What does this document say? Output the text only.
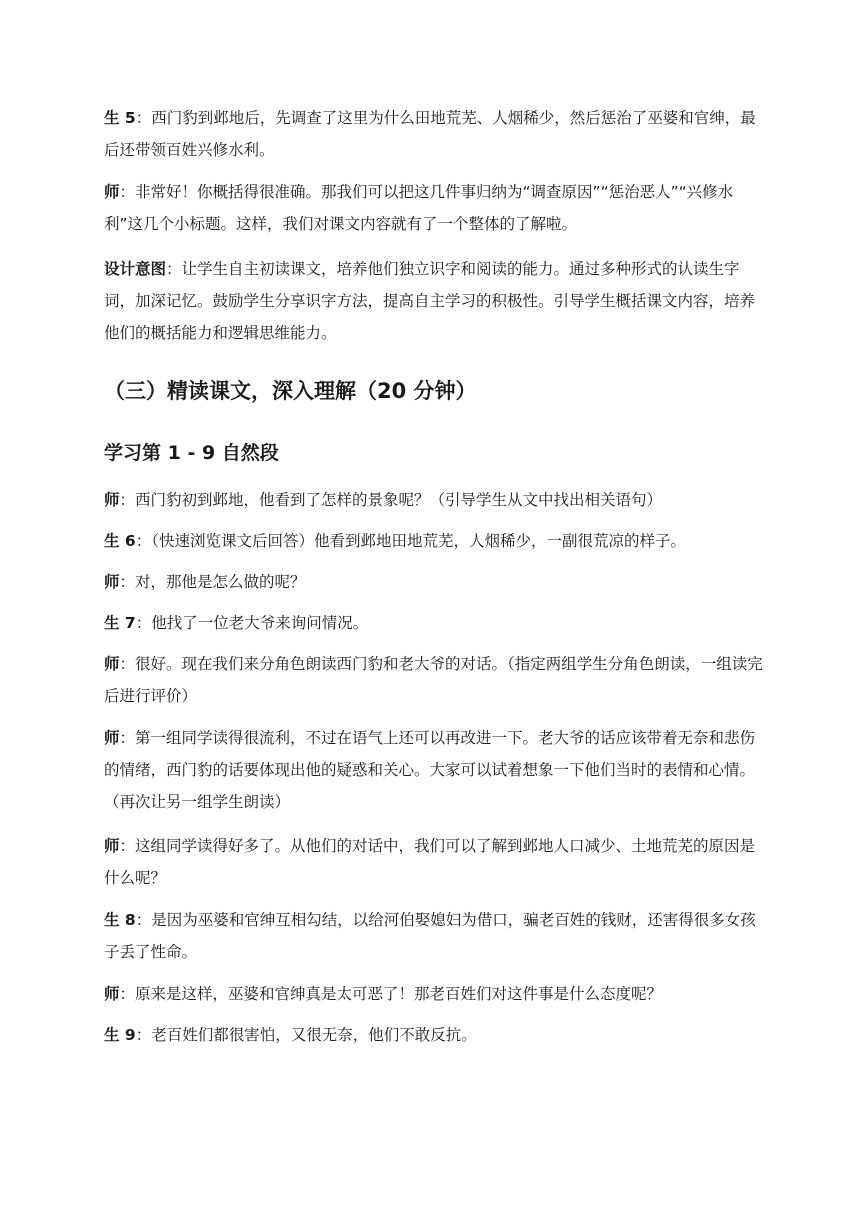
生 5：西门豹到邺地后，先调查了这里为什么田地荒芜、人烟稀少，然后惩治了巫婆和官绅，最后还带领百姓兴修水利。

师：非常好！你概括得很准确。那我们可以把这几件事归纳为“调查原因”“惩治恶人”“兴修水利”这几个小标题。这样，我们对课文内容就有了一个整体的了解啦。

设计意图：让学生自主初读课文，培养他们独立识字和阅读的能力。通过多种形式的认读生字词，加深记忆。鼓励学生分享识字方法，提高自主学习的积极性。引导学生概括课文内容，培养他们的概括能力和逻辑思维能力。

（三）精读课文，深入理解（20 分钟）
学习第 1 - 9 自然段

师：西门豹初到邺地，他看到了怎样的景象呢？（引导学生从文中找出相关语句）

生 6：（快速浏览课文后回答）他看到邺地田地荒芜，人烟稀少，一副很荒凉的样子。

师：对，那他是怎么做的呢？

生 7：他找了一位老大爷来询问情况。

师：很好。现在我们来分角色朗读西门豹和老大爷的对话。（指定两组学生分角色朗读，一组读完后进行评价）

师：第一组同学读得很流利，不过在语气上还可以再改进一下。老大爷的话应该带着无奈和悲伤的情绪，西门豹的话要体现出他的疑惑和关心。大家可以试着想象一下他们当时的表情和心情。（再次让另一组学生朗读）

师：这组同学读得好多了。从他们的对话中，我们可以了解到邺地人口减少、土地荒芜的原因是什么呢？

生 8：是因为巫婆和官绅互相勾结，以给河伯娶媳妇为借口，骗老百姓的钱财，还害得很多女孩子丢了性命。

师：原来是这样，巫婆和官绅真是太可恶了！那老百姓们对这件事是什么态度呢？

生 9：老百姓们都很害怕，又很无奈，他们不敢反抗。
